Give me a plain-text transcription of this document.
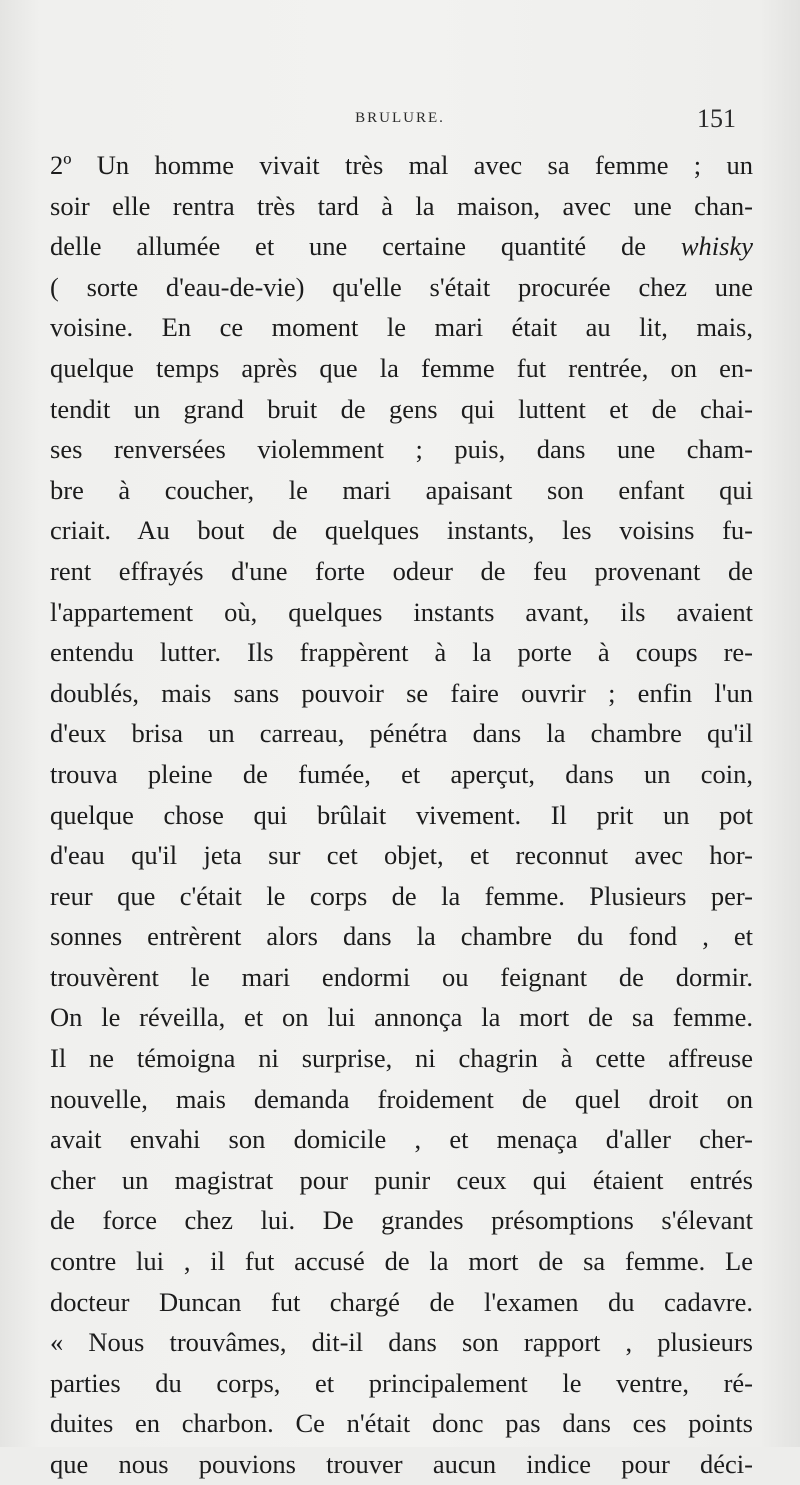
BRULURE.	151
2º Un homme vivait très mal avec sa femme ; un
soir elle rentra très tard à la maison, avec une chan-
delle allumée et une certaine quantité de whisky
( sorte d'eau-de-vie) qu'elle s'était procurée chez une
voisine. En ce moment le mari était au lit, mais,
quelque temps après que la femme fut rentrée, on en-
tendit un grand bruit de gens qui luttent et de chai-
ses renversées violemment ; puis, dans une cham-
bre à coucher, le mari apaisant son enfant qui
criait. Au bout de quelques instants, les voisins fu-
rent effrayés d'une forte odeur de feu provenant de
l'appartement où, quelques instants avant, ils avaient
entendu lutter. Ils frappèrent à la porte à coups re-
doublés, mais sans pouvoir se faire ouvrir ; enfin l'un
d'eux brisa un carreau, pénétra dans la chambre qu'il
trouva pleine de fumée, et aperçut, dans un coin,
quelque chose qui brûlait vivement. Il prit un pot
d'eau qu'il jeta sur cet objet, et reconnut avec hor-
reur que c'était le corps de la femme. Plusieurs per-
sonnes entrèrent alors dans la chambre du fond , et
trouvèrent le mari endormi ou feignant de dormir.
On le réveilla, et on lui annonça la mort de sa femme.
Il ne témoigna ni surprise, ni chagrin à cette affreuse
nouvelle, mais demanda froidement de quel droit on
avait envahi son domicile , et menaça d'aller cher-
cher un magistrat pour punir ceux qui étaient entrés
de force chez lui. De grandes présomptions s'élevant
contre lui , il fut accusé de la mort de sa femme. Le
docteur Duncan fut chargé de l'examen du cadavre.
« Nous trouvâmes, dit-il dans son rapport , plusieurs
parties du corps, et principalement le ventre, ré-
duites en charbon. Ce n'était donc pas dans ces points
que nous pouvions trouver aucun indice pour déci-
